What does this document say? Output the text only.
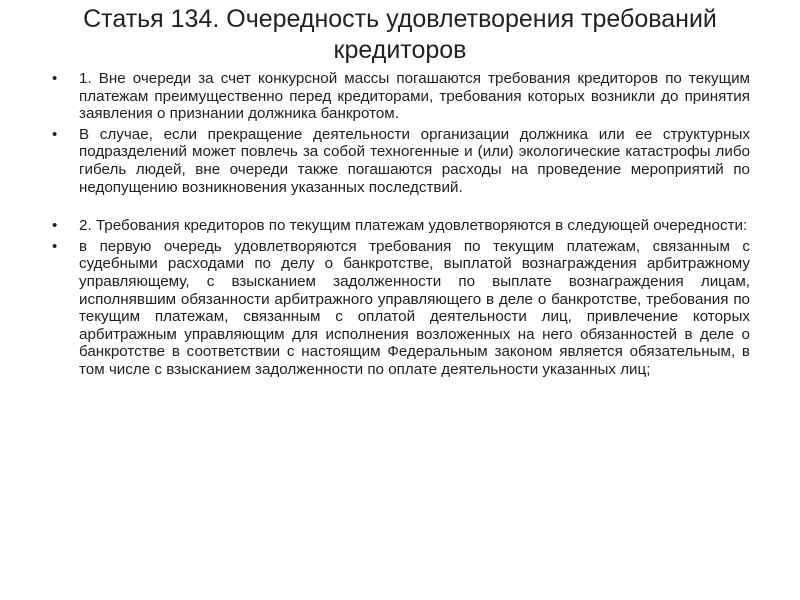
Статья 134. Очередность удовлетворения требований кредиторов
• 1. Вне очереди за счет конкурсной массы погашаются требования кредиторов по текущим платежам преимущественно перед кредиторами, требования которых возникли до принятия заявления о признании должника банкротом.
• В случае, если прекращение деятельности организации должника или ее структурных подразделений может повлечь за собой техногенные и (или) экологические катастрофы либо гибель людей, вне очереди также погашаются расходы на проведение мероприятий по недопущению возникновения указанных последствий.
• 2. Требования кредиторов по текущим платежам удовлетворяются в следующей очередности:
• в первую очередь удовлетворяются требования по текущим платежам, связанным с судебными расходами по делу о банкротстве, выплатой вознаграждения арбитражному управляющему, с взысканием задолженности по выплате вознаграждения лицам, исполнявшим обязанности арбитражного управляющего в деле о банкротстве, требования по текущим платежам, связанным с оплатой деятельности лиц, привлечение которых арбитражным управляющим для исполнения возложенных на него обязанностей в деле о банкротстве в соответствии с настоящим Федеральным законом является обязательным, в том числе с взысканием задолженности по оплате деятельности указанных лиц;
